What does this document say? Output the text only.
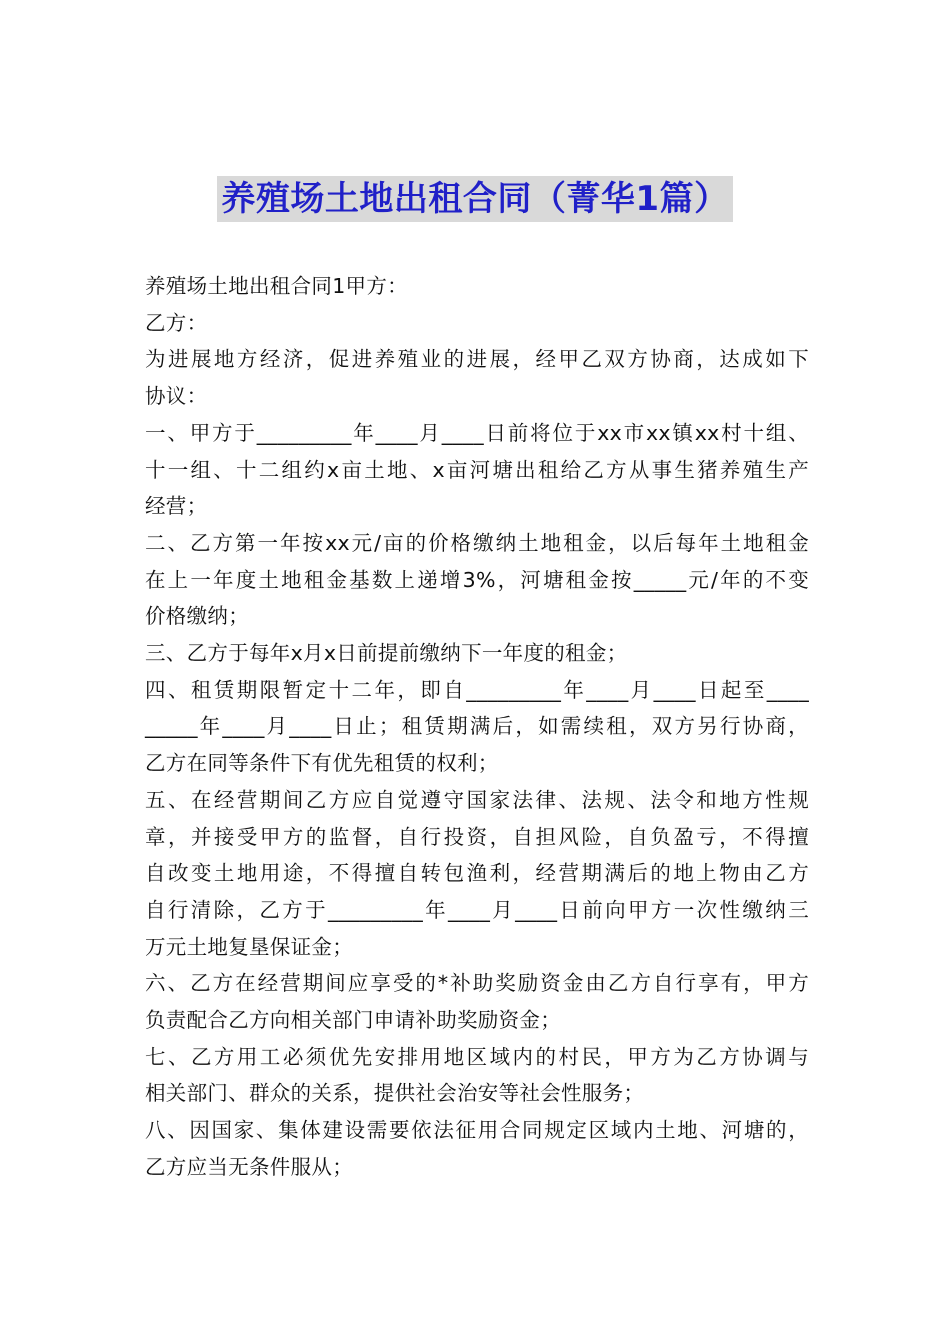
养殖场土地出租合同（菁华1篇）
养殖场土地出租合同1甲方：
乙方：
为进展地方经济，促进养殖业的进展，经甲乙双方协商，达成如下
协议：
一、甲方于_________年____月____日前将位于xx市xx镇xx村十组、
十一组、十二组约x亩土地、x亩河塘出租给乙方从事生猪养殖生产
经营；
二、乙方第一年按xx元/亩的价格缴纳土地租金，以后每年土地租金
在上一年度土地租金基数上递增3%，河塘租金按_____元/年的不变
价格缴纳；
三、乙方于每年x月x日前提前缴纳下一年度的租金；
四、租赁期限暂定十二年，即自_________年____月____日起至____
_____年____月____日止；租赁期满后，如需续租，双方另行协商，
乙方在同等条件下有优先租赁的权利；
五、在经营期间乙方应自觉遵守国家法律、法规、法令和地方性规
章，并接受甲方的监督，自行投资，自担风险，自负盈亏，不得擅
自改变土地用途，不得擅自转包渔利，经营期满后的地上物由乙方
自行清除，乙方于_________年____月____日前向甲方一次性缴纳三
万元土地复垦保证金；
六、乙方在经营期间应享受的*补助奖励资金由乙方自行享有，甲方
负责配合乙方向相关部门申请补助奖励资金；
七、乙方用工必须优先安排用地区域内的村民，甲方为乙方协调与
相关部门、群众的关系，提供社会治安等社会性服务；
八、因国家、集体建设需要依法征用合同规定区域内土地、河塘的，
乙方应当无条件服从；
